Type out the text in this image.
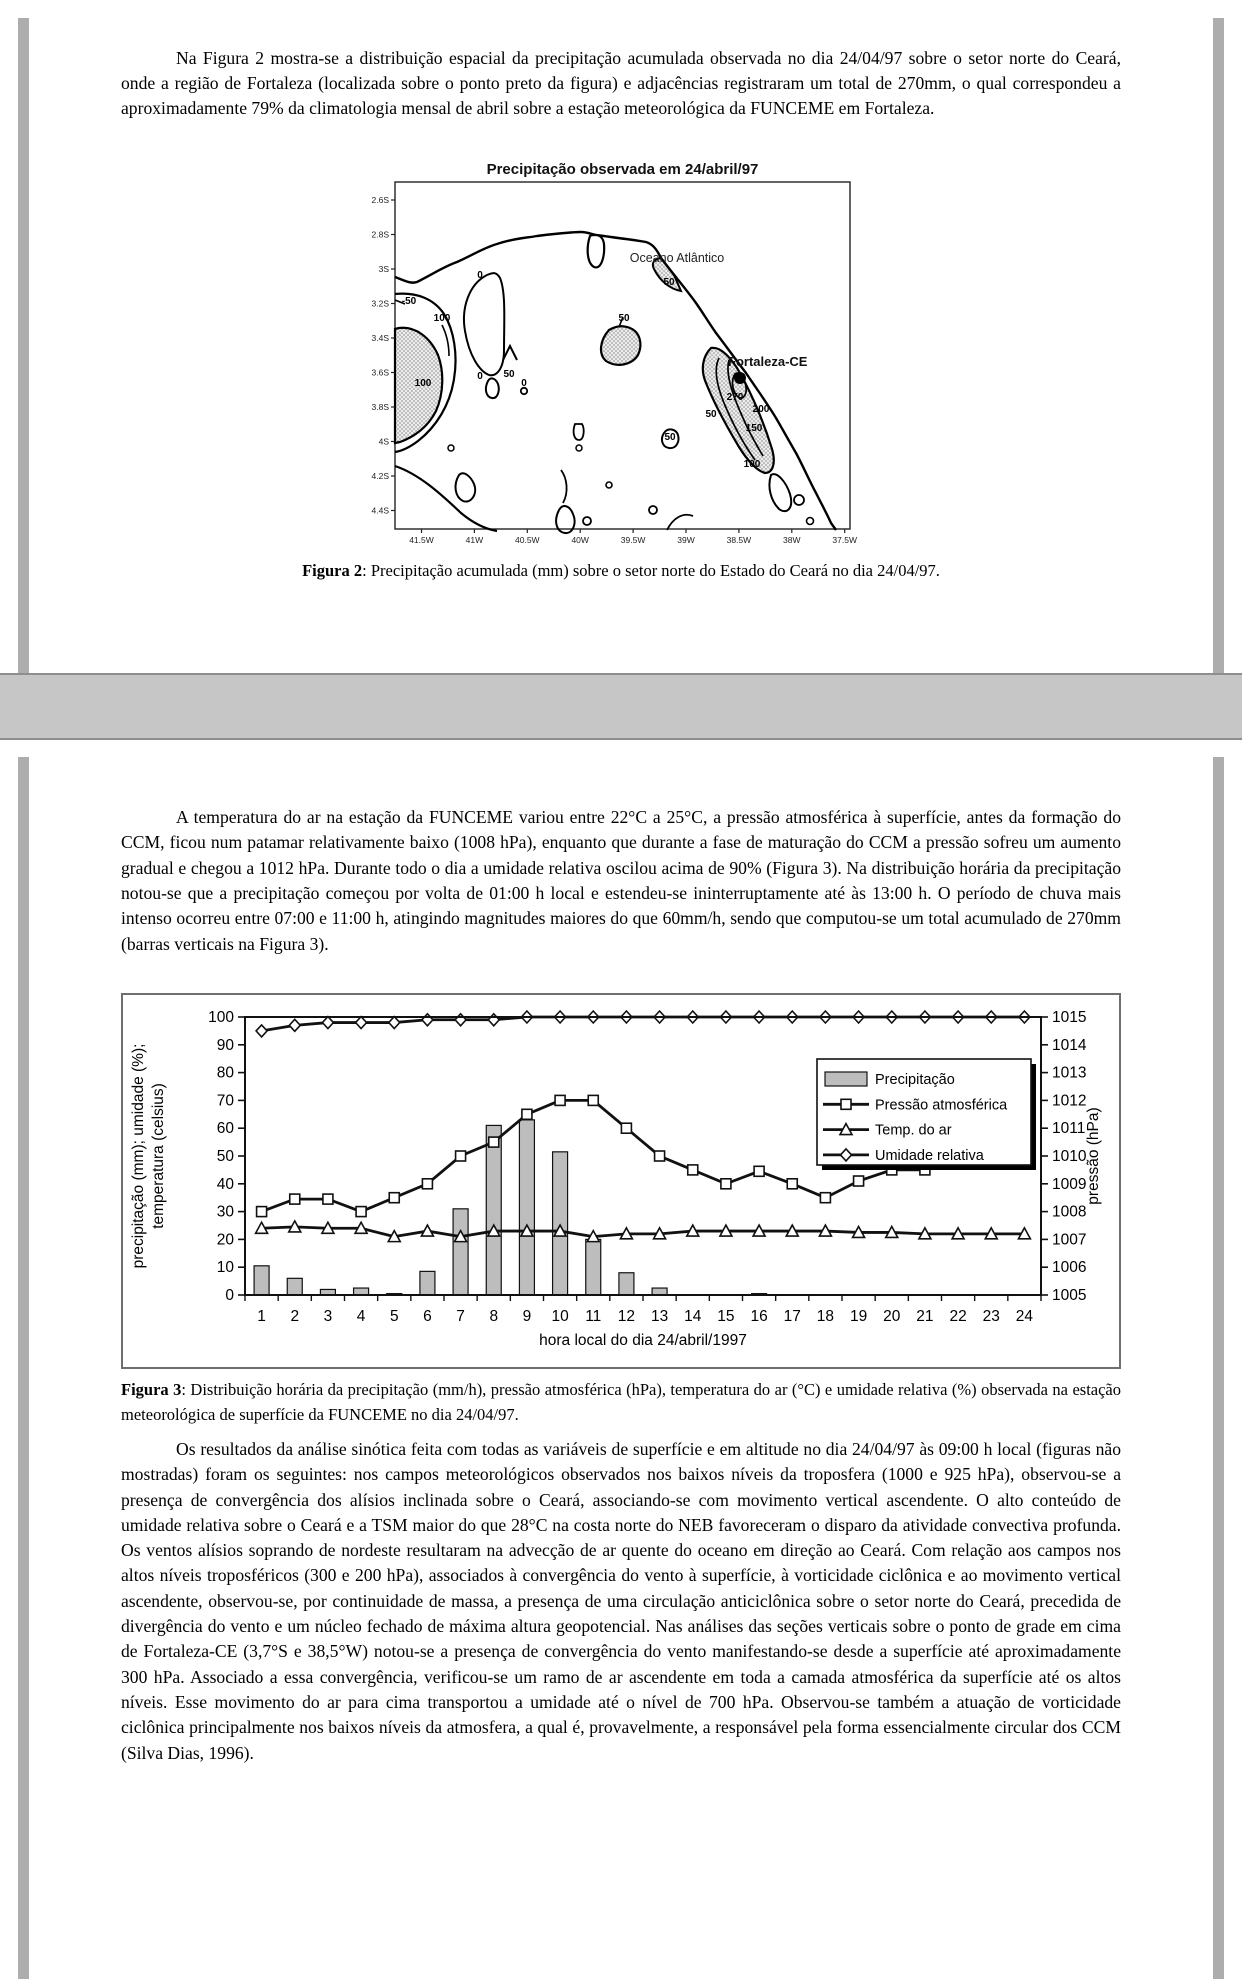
Na Figura 2 mostra-se a distribuição espacial da precipitação acumulada observada no dia 24/04/97 sobre o setor norte do Ceará, onde a região de Fortaleza (localizada sobre o ponto preto da figura) e adjacências registraram um total de 270mm, o qual correspondeu a aproximadamente 79% da climatologia mensal de abril sobre a estação meteorológica da FUNCEME em Fortaleza.

Precipitação observada em 24/abril/97
Oceano Atlântico
Fortaleza-CE
2.6S
2.8S
3S
3.2S
3.4S
3.6S
3.8S
4S
4.2S
4.4S
41.5W	41W	40.5W	40W	39.5W	39W	38.5W	38W	37.5W
-50
100
100
0
0 50
0
50
50
270
200
50
150
100
50
Figura 2: Precipitação acumulada (mm) sobre o setor norte do Estado do Ceará no dia 24/04/97.

A temperatura do ar na estação da FUNCEME variou entre 22°C a 25°C, a pressão atmosférica à superfície, antes da formação do CCM, ficou num patamar relativamente baixo (1008 hPa), enquanto que durante a fase de maturação do CCM a pressão sofreu um aumento gradual e chegou a 1012 hPa. Durante todo o dia a umidade relativa oscilou acima de 90% (Figura 3). Na distribuição horária da precipitação notou-se que a precipitação começou por volta de 01:00 h local e estendeu-se ininterruptamente até às 13:00 h. O período de chuva mais intenso ocorreu entre 07:00 e 11:00 h, atingindo magnitudes maiores do que 60mm/h, sendo que computou-se um total acumulado de 270mm (barras verticais na Figura 3).

0
10
20
30
40
50
60
70
80
90
100
1005
1006
1007
1008
1009
1010
1011
1012
1013
1014
1015
1 2 3 4 5 6 7 8 9 10 11 12 13 14 15 16 17 18 19 20 21 22 23 24
hora local do dia 24/abril/1997
precipitação (mm); umidade (%); temperatura (celsius)	pressão (hPa)
Precipitação
Pressão atmosférica
Temp. do ar
Umidade relativa
Figura 3: Distribuição horária da precipitação (mm/h), pressão atmosférica (hPa), temperatura do ar (°C) e umidade relativa (%) observada na estação meteorológica de superfície da FUNCEME no dia 24/04/97.

Os resultados da análise sinótica feita com todas as variáveis de superfície e em altitude no dia 24/04/97 às 09:00 h local (figuras não mostradas) foram os seguintes: nos campos meteorológicos observados nos baixos níveis da troposfera (1000 e 925 hPa), observou-se a presença de convergência dos alísios inclinada sobre o Ceará, associando-se com movimento vertical ascendente. O alto conteúdo de umidade relativa sobre o Ceará e a TSM maior do que 28°C na costa norte do NEB favoreceram o disparo da atividade convectiva profunda. Os ventos alísios soprando de nordeste resultaram na advecção de ar quente do oceano em direção ao Ceará. Com relação aos campos nos altos níveis troposféricos (300 e 200 hPa), associados à convergência do vento à superfície, à vorticidade ciclônica e ao movimento vertical ascendente, observou-se, por continuidade de massa, a presença de uma circulação anticiclônica sobre o setor norte do Ceará, precedida de divergência do vento e um núcleo fechado de máxima altura geopotencial. Nas análises das seções verticais sobre o ponto de grade em cima de Fortaleza-CE (3,7°S e 38,5°W) notou-se a presença de convergência do vento manifestando-se desde a superfície até aproximadamente 300 hPa. Associado a essa convergência, verificou-se um ramo de ar ascendente em toda a camada atmosférica da superfície até os altos níveis. Esse movimento do ar para cima transportou a umidade até o nível de 700 hPa. Observou-se também a atuação de vorticidade ciclônica principalmente nos baixos níveis da atmosfera, a qual é, provavelmente, a responsável pela forma essencialmente circular dos CCM (Silva Dias, 1996).
